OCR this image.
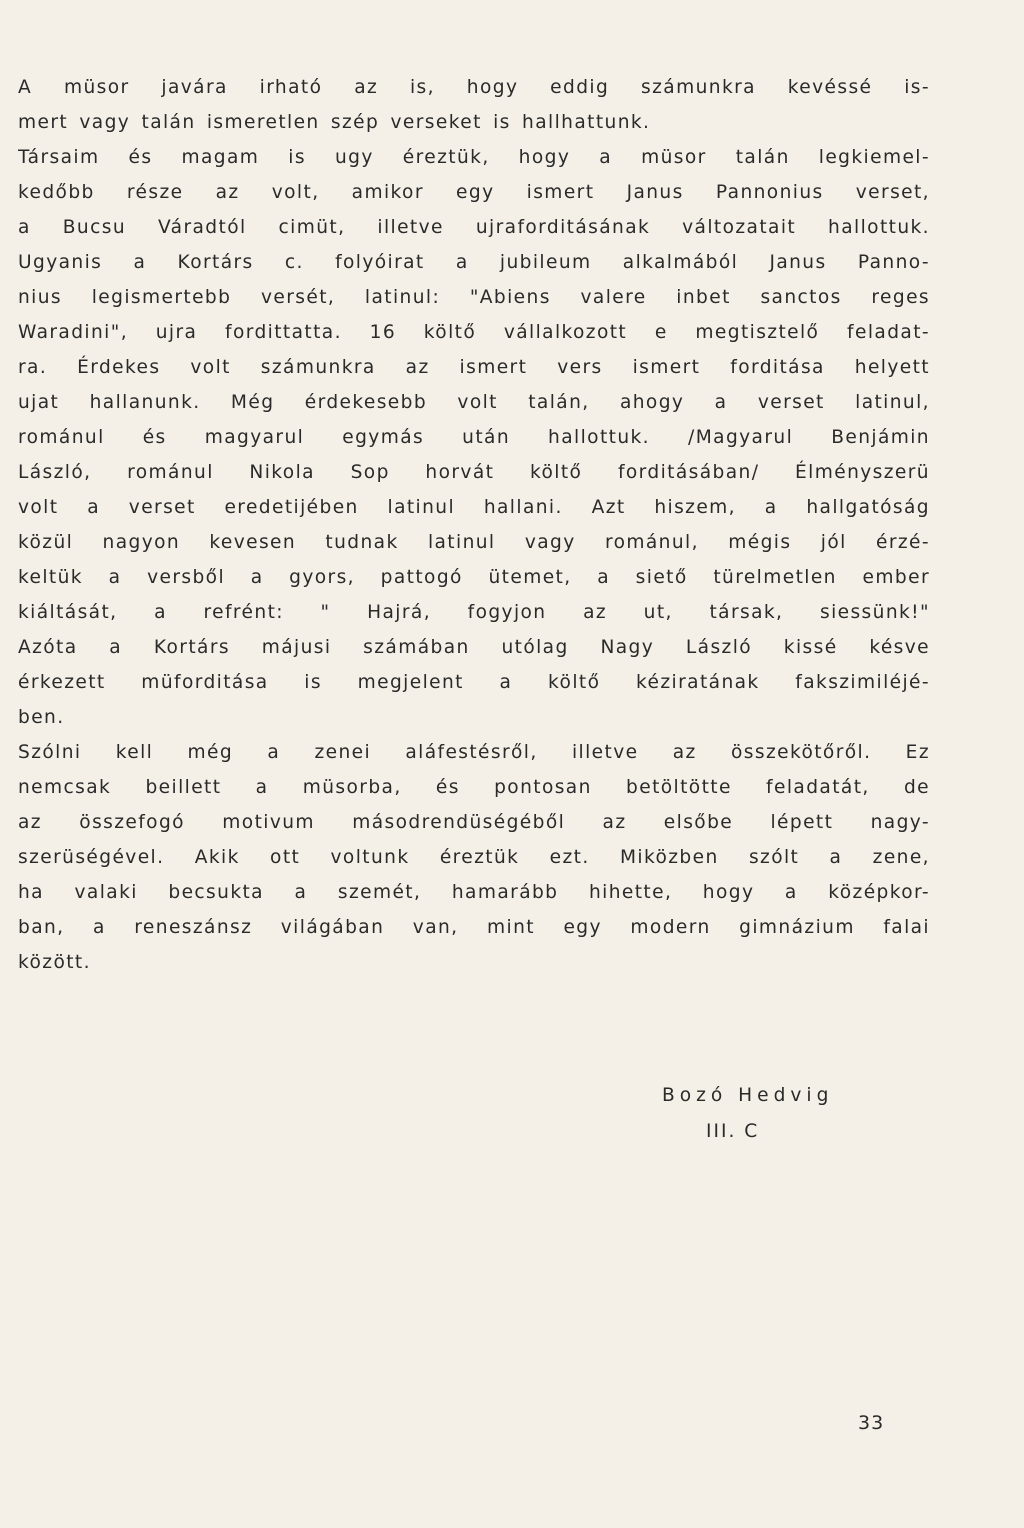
A müsor javára irható az is, hogy eddig számunkra kevéssé is-
mert vagy talán ismeretlen szép verseket is hallhattunk.
Társaim és magam is ugy éreztük, hogy a müsor talán legkiemel-
kedőbb része az volt, amikor egy ismert Janus Pannonius verset,
a Bucsu Váradtól cimüt, illetve ujraforditásának változatait hallottuk.
Ugyanis a Kortárs c. folyóirat a jubileum alkalmából Janus Panno-
nius legismertebb versét, latinul: "Abiens valere inbet sanctos reges
Waradini", ujra fordittatta. 16 költő vállalkozott e megtisztelő feladat-
ra. Érdekes volt számunkra az ismert vers ismert forditása helyett
ujat hallanunk. Még érdekesebb volt talán, ahogy a verset latinul,
románul és magyarul egymás után hallottuk. /Magyarul Benjámin
László, románul Nikola Sop horvát költő forditásában/ Élményszerü
volt a verset eredetijében latinul hallani. Azt hiszem, a hallgatóság
közül nagyon kevesen tudnak latinul vagy románul, mégis jól érzé-
keltük a versből a gyors, pattogó ütemet, a siető türelmetlen ember
kiáltását, a refrént: " Hajrá, fogyjon az ut, társak, siessünk!"
Azóta a Kortárs májusi számában utólag Nagy László kissé késve
érkezett müforditása is megjelent a költő kéziratának fakszimiléjé-
ben.
Szólni kell még a zenei aláfestésről, illetve az összekötőről. Ez
nemcsak beillett a müsorba, és pontosan betöltötte feladatát, de
az összefogó motivum másodrendüségéből az elsőbe lépett nagy-
szerüségével. Akik ott voltunk éreztük ezt. Miközben szólt a zene,
ha valaki becsukta a szemét, hamarább hihette, hogy a középkor-
ban, a reneszánsz világában van, mint egy modern gimnázium falai
között.
Bozó Hedvig
III. C
33
